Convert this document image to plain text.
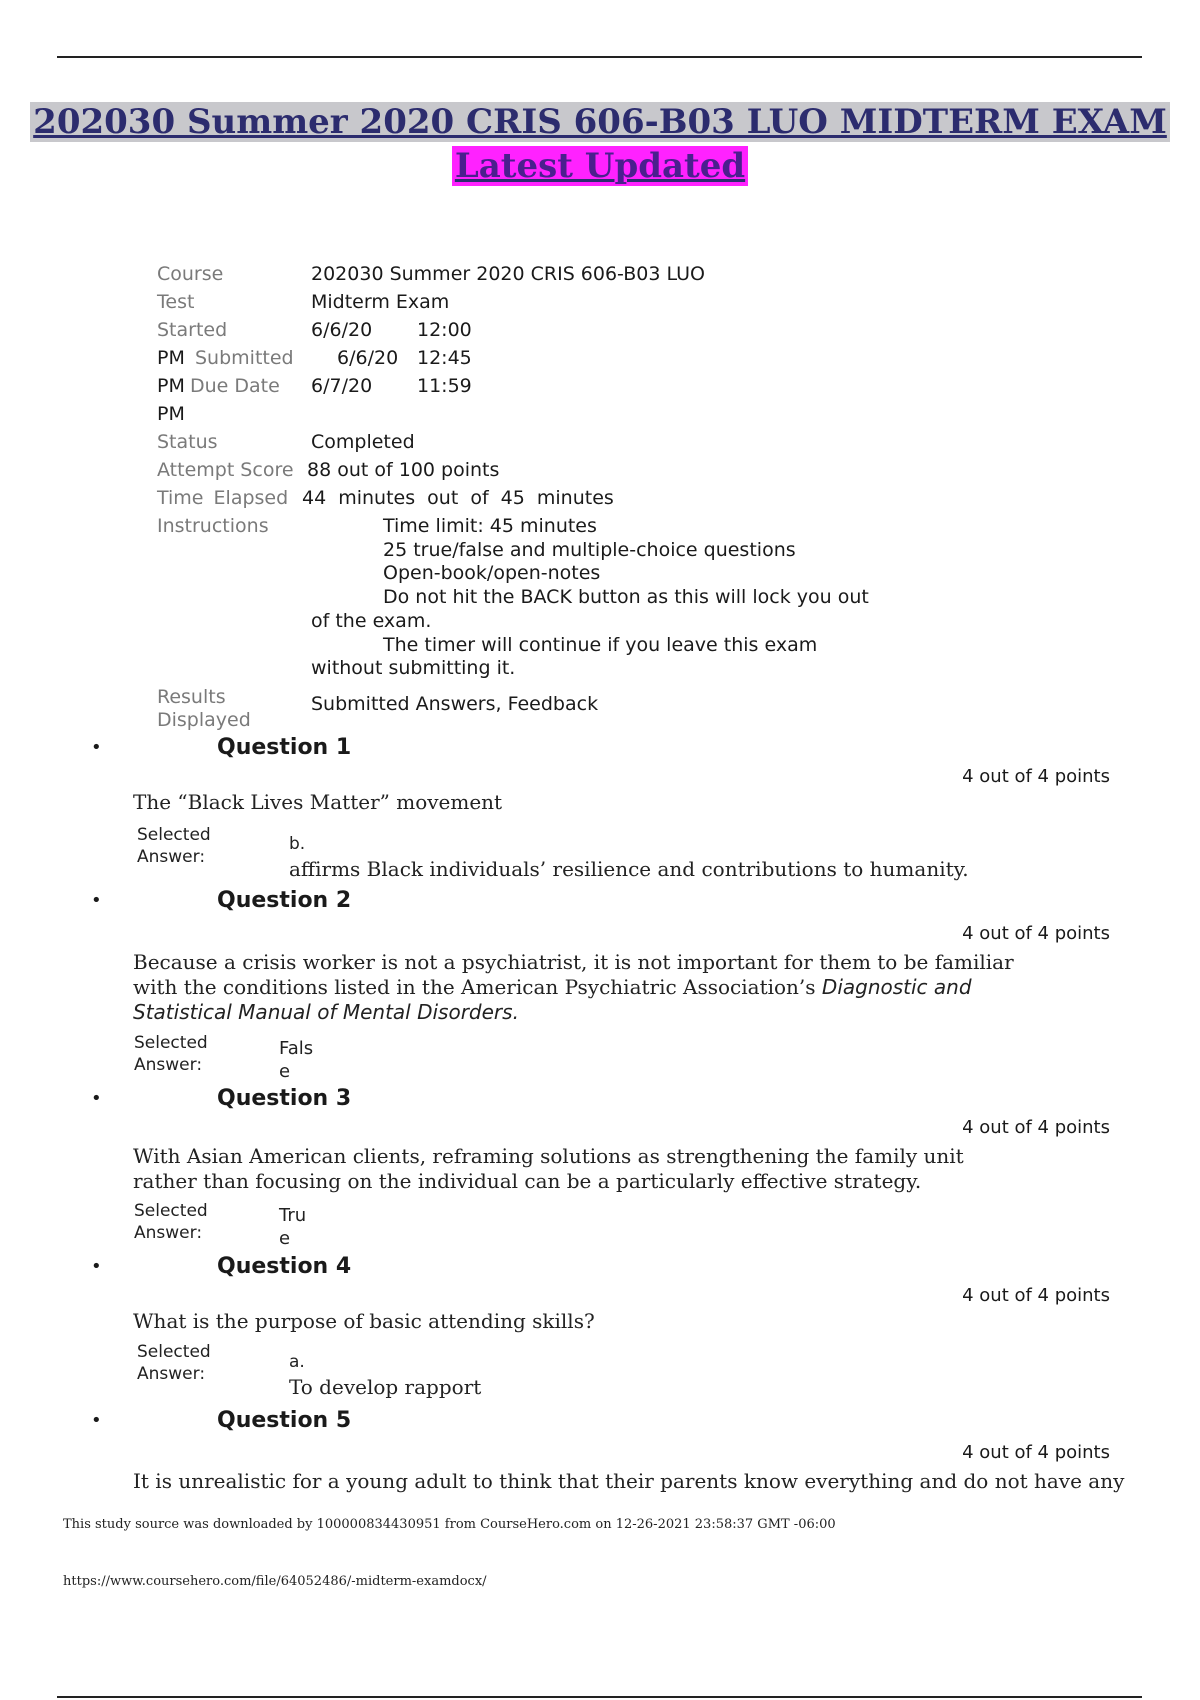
202030 Summer 2020 CRIS 606-B03 LUO MIDTERM EXAM
Latest Updated
Course	202030 Summer 2020 CRIS 606-B03 LUO
Test	Midterm Exam
Started	6/6/20 12:00
PM Submitted 6/6/20 12:45
PM Due Date 6/7/20 11:59
PM
Status	Completed
Attempt Score 88 out of 100 points
Time Elapsed 44 minutes out of 45 minutes
Instructions	Time limit: 45 minutes
25 true/false and multiple-choice questions
Open-book/open-notes
Do not hit the BACK button as this will lock you out
of the exam.
The timer will continue if you leave this exam
without submitting it.
Results
Displayed
Submitted Answers, Feedback
•	Question 1
4 out of 4 points
The “Black Lives Matter” movement
Selected
Answer:
b.
affirms Black individuals’ resilience and contributions to humanity.
•	Question 2
4 out of 4 points
Because a crisis worker is not a psychiatrist, it is not important for them to be familiar with the conditions listed in the American Psychiatric Association’s Diagnostic and Statistical Manual of Mental Disorders.
Selected
Answer:
False
•	Question 3
4 out of 4 points
With Asian American clients, reframing solutions as strengthening the family unit rather than focusing on the individual can be a particularly effective strategy.
Selected
Answer:
True
•	Question 4
4 out of 4 points
What is the purpose of basic attending skills?
Selected
Answer:
a.
To develop rapport
•	Question 5
4 out of 4 points
It is unrealistic for a young adult to think that their parents know everything and do not have any
This study source was downloaded by 100000834430951 from CourseHero.com on 12-26-2021 23:58:37 GMT -06:00
https://www.coursehero.com/file/64052486/-midterm-examdocx/
